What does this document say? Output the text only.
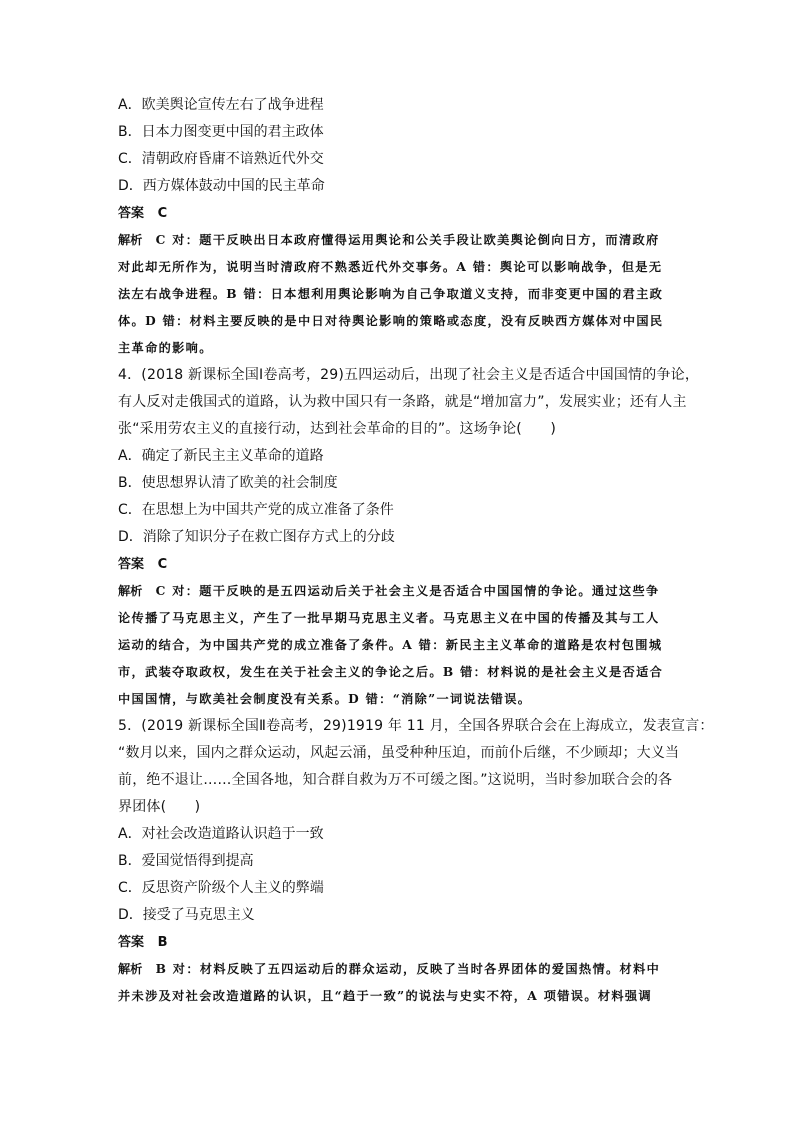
A．欧美舆论宣传左右了战争进程
B．日本力图变更中国的君主政体
C．清朝政府昏庸不谙熟近代外交
D．西方媒体鼓动中国的民主革命
答案 C
解析 C 对：题干反映出日本政府懂得运用舆论和公关手段让欧美舆论倒向日方，而清政府
对此却无所作为，说明当时清政府不熟悉近代外交事务。A 错：舆论可以影响战争，但是无
法左右战争进程。B 错：日本想利用舆论影响为自己争取道义支持，而非变更中国的君主政
体。D 错：材料主要反映的是中日对待舆论影响的策略或态度，没有反映西方媒体对中国民
主革命的影响。
4．(2018 新课标全国Ⅰ卷高考，29)五四运动后，出现了社会主义是否适合中国国情的争论，
有人反对走俄国式的道路，认为救中国只有一条路，就是“增加富力”，发展实业；还有人主
张“采用劳农主义的直接行动，达到社会革命的目的”。这场争论(　　)
A．确定了新民主主义革命的道路
B．使思想界认清了欧美的社会制度
C．在思想上为中国共产党的成立准备了条件
D．消除了知识分子在救亡图存方式上的分歧
答案 C
解析 C 对：题干反映的是五四运动后关于社会主义是否适合中国国情的争论。通过这些争
论传播了马克思主义，产生了一批早期马克思主义者。马克思主义在中国的传播及其与工人
运动的结合，为中国共产党的成立准备了条件。A 错：新民主主义革命的道路是农村包围城
市，武装夺取政权，发生在关于社会主义的争论之后。B 错：材料说的是社会主义是否适合
中国国情，与欧美社会制度没有关系。D 错：“消除”一词说法错误。
5．(2019 新课标全国Ⅱ卷高考，29)1919 年 11 月，全国各界联合会在上海成立，发表宣言：
“数月以来，国内之群众运动，风起云涌，虽受种种压迫，而前仆后继，不少顾却；大义当
前，绝不退让……全国各地，知合群自救为万不可缓之图。”这说明，当时参加联合会的各
界团体(　　)
A．对社会改造道路认识趋于一致
B．爱国觉悟得到提高
C．反思资产阶级个人主义的弊端
D．接受了马克思主义
答案 B
解析 B 对：材料反映了五四运动后的群众运动，反映了当时各界团体的爱国热情。材料中
并未涉及对社会改造道路的认识，且“趋于一致”的说法与史实不符，A 项错误。材料强调
